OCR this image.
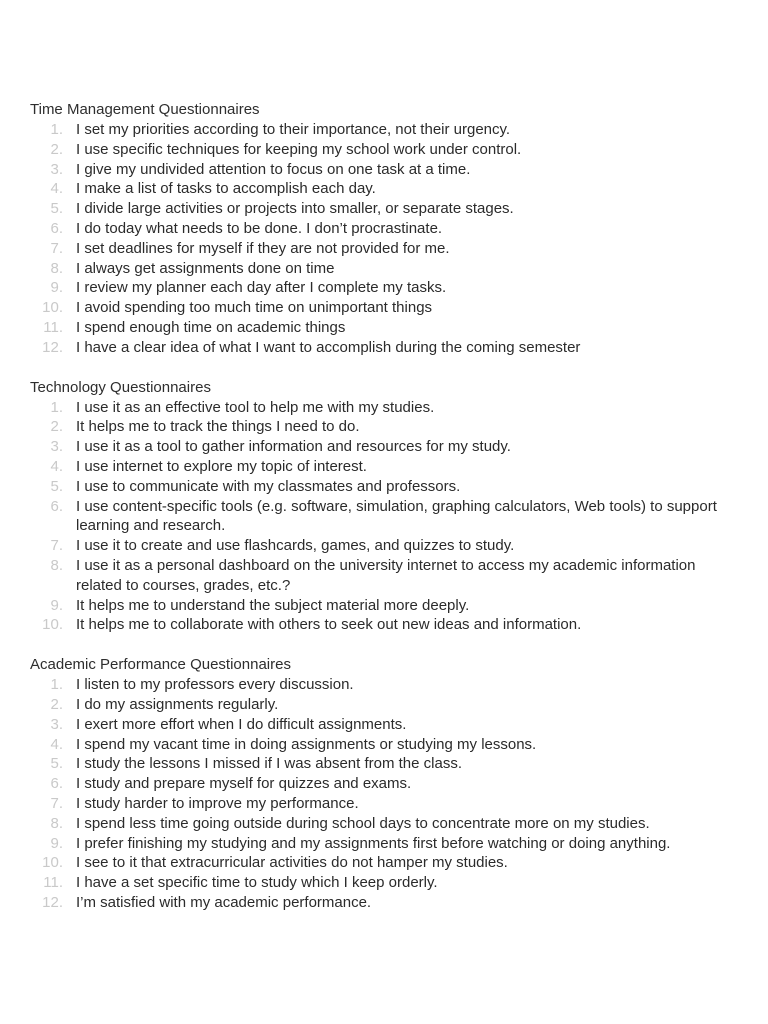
Time Management Questionnaires
1. I set my priorities according to their importance, not their urgency.
2. I use specific techniques for keeping my school work under control.
3. I give my undivided attention to focus on one task at a time.
4. I make a list of tasks to accomplish each day.
5. I divide large activities or projects into smaller, or separate stages.
6. I do today what needs to be done. I don’t procrastinate.
7. I set deadlines for myself if they are not provided for me.
8. I always get assignments done on time
9. I review my planner each day after I complete my tasks.
10. I avoid spending too much time on unimportant things
11. I spend enough time on academic things
12. I have a clear idea of what I want to accomplish during the coming semester
Technology Questionnaires
1. I use it as an effective tool to help me with my studies.
2. It helps me to track the things I need to do.
3. I use it as a tool to gather information and resources for my study.
4. I use internet to explore my topic of interest.
5. I use to communicate with my classmates and professors.
6. I use content-specific tools (e.g. software, simulation, graphing calculators, Web tools) to support learning and research.
7. I use it to create and use flashcards, games, and quizzes to study.
8. I use it as a personal dashboard on the university internet to access my academic information related to courses, grades, etc.?
9. It helps me to understand the subject material more deeply.
10. It helps me to collaborate with others to seek out new ideas and information.
Academic Performance Questionnaires
1. I listen to my professors every discussion.
2. I do my assignments regularly.
3. I exert more effort when I do difficult assignments.
4. I spend my vacant time in doing assignments or studying my lessons.
5. I study the lessons I missed if I was absent from the class.
6. I study and prepare myself for quizzes and exams.
7. I study harder to improve my performance.
8. I spend less time going outside during school days to concentrate more on my studies.
9. I prefer finishing my studying and my assignments first before watching or doing anything.
10. I see to it that extracurricular activities do not hamper my studies.
11. I have a set specific time to study which I keep orderly.
12. I’m satisfied with my academic performance.
